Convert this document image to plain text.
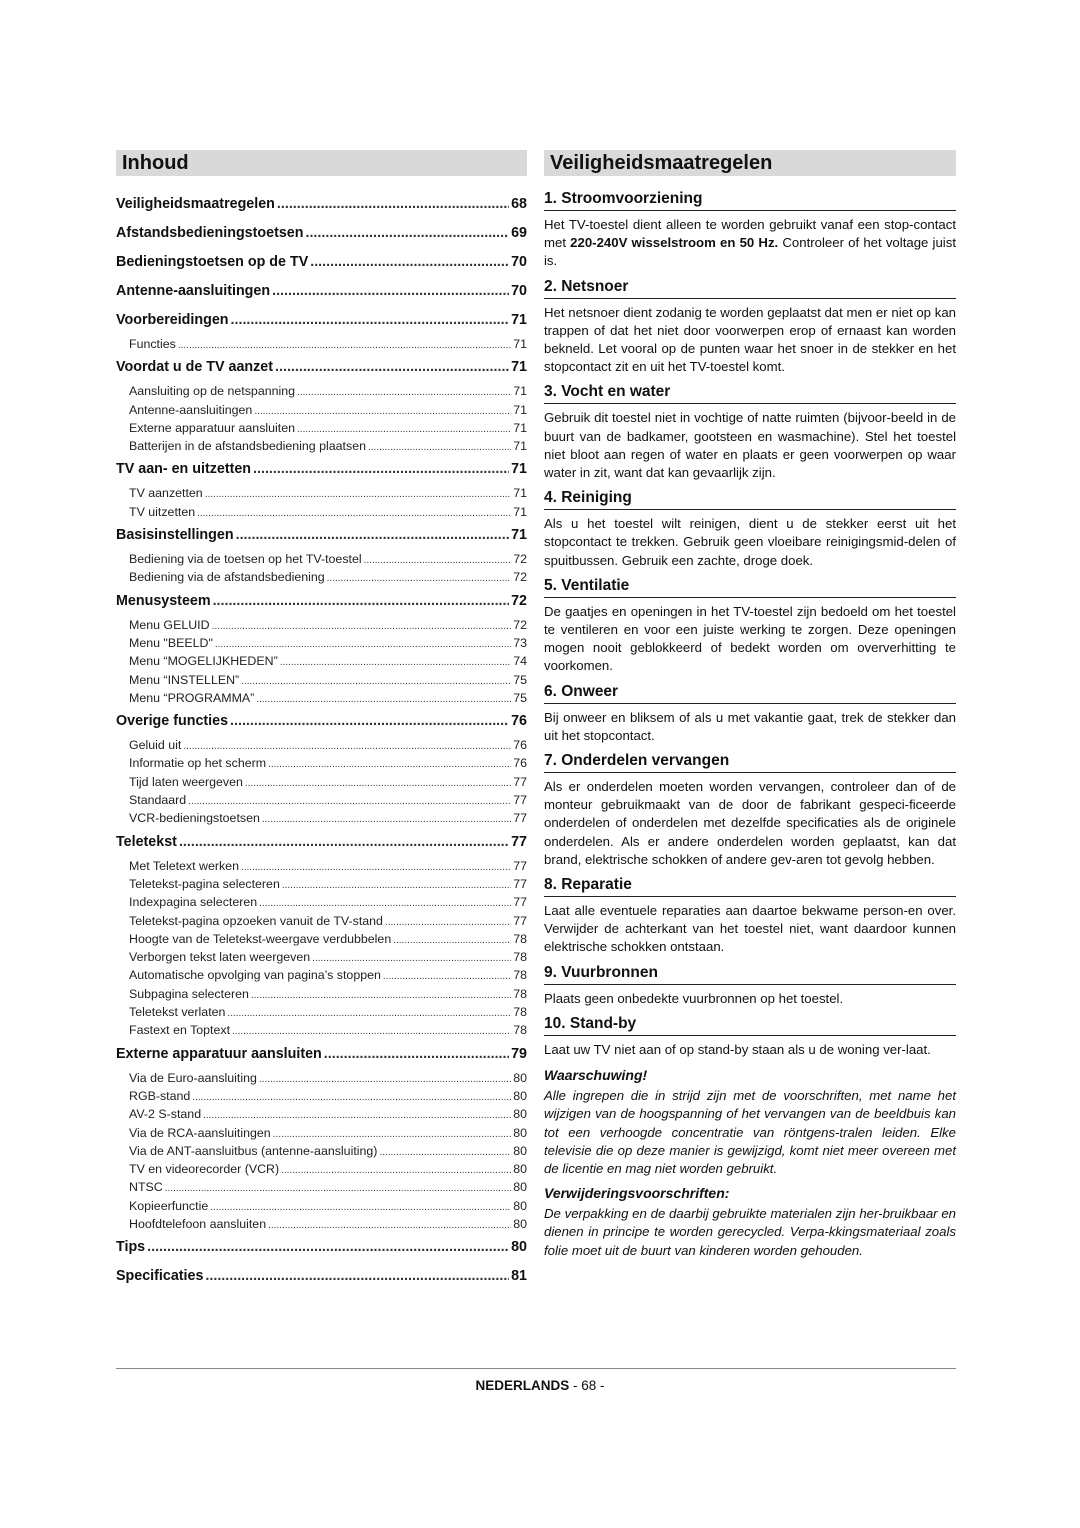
Inhoud
Veiligheidsmaatregelen .....	68
Afstandsbedieningstoetsen .....	69
Bedieningstoetsen op de TV .....	70
Antenne-aansluitingen .....	70
Voorbereidingen .....	71
Functies .....	71
Voordat u de TV aanzet .....	71
Aansluiting op de netspanning .....	71
Antenne-aansluitingen .....	71
Externe apparatuur aansluiten .....	71
Batterijen in de afstandsbediening plaatsen .....	71
TV aan- en uitzetten .....	71
TV aanzetten .....	71
TV uitzetten .....	71
Basisinstellingen .....	71
Bediening via de toetsen op het TV-toestel .....	72
Bediening via de afstandsbediening .....	72
Menusysteem .....	72
Menu GELUID .....	72
Menu "BEELD" .....	73
Menu “MOGELIJKHEDEN” .....	74
Menu “INSTELLEN” .....	75
Menu “PROGRAMMA” .....	75
Overige functies .....	76
Geluid uit .....	76
Informatie op het scherm .....	76
Tijd laten weergeven .....	77
Standaard .....	77
VCR-bedieningstoetsen .....	77
Teletekst .....	77
Met Teletext werken .....	77
Teletekst-pagina selecteren .....	77
Indexpagina selecteren .....	77
Teletekst-pagina opzoeken vanuit de TV-stand .....	77
Hoogte van de Teletekst-weergave verdubbelen .....	78
Verborgen tekst laten weergeven .....	78
Automatische opvolging van pagina’s stoppen .....	78
Subpagina selecteren .....	78
Teletekst verlaten .....	78
Fastext en Toptext .....	78
Externe apparatuur aansluiten .....	79
Via de Euro-aansluiting .....	80
RGB-stand .....	80
AV-2 S-stand .....	80
Via de RCA-aansluitingen .....	80
Via de ANT-aansluitbus (antenne-aansluiting) .....	80
TV en videorecorder (VCR) .....	80
NTSC .....	80
Kopieerfunctie .....	80
Hoofdtelefoon aansluiten .....	80
Tips .....	80
Specificaties .....	81
Veiligheidsmaatregelen
1. Stroomvoorziening

Het TV-toestel dient alleen te worden gebruikt vanaf een stop-contact met 220-240V wisselstroom en 50 Hz. Controleer of het voltage juist is.

2. Netsnoer

Het netsnoer dient zodanig te worden geplaatst dat men er niet op kan trappen of dat het niet door voorwerpen erop of ernaast kan worden bekneld. Let vooral op de punten waar het snoer in de stekker en het stopcontact zit en uit het TV-toestel komt.

3. Vocht en water

Gebruik dit toestel niet in vochtige of natte ruimten (bijvoor-beeld in de buurt van de badkamer, gootsteen en wasmachine). Stel het toestel niet bloot aan regen of water en plaats er geen voorwerpen op waar water in zit, want dat kan gevaarlijk zijn.

4. Reiniging

Als u het toestel wilt reinigen, dient u de stekker eerst uit het stopcontact te trekken. Gebruik geen vloeibare reinigingsmid-delen of spuitbussen. Gebruik een zachte, droge doek.

5. Ventilatie

De gaatjes en openingen in het TV-toestel zijn bedoeld om het toestel te ventileren en voor een juiste werking te zorgen. Deze openingen mogen nooit geblokkeerd of bedekt worden om oververhitting te voorkomen.

6. Onweer

Bij onweer en bliksem of als u met vakantie gaat, trek de stekker dan uit het stopcontact.

7. Onderdelen vervangen

Als er onderdelen moeten worden vervangen, controleer dan of de monteur gebruikmaakt van de door de fabrikant gespeci-ficeerde onderdelen of onderdelen met dezelfde specificaties als de originele onderdelen. Als er andere onderdelen worden geplaatst, kan dat brand, elektrische schokken of andere gev-aren tot gevolg hebben.

8. Reparatie

Laat alle eventuele reparaties aan daartoe bekwame person-en over. Verwijder de achterkant van het toestel niet, want daardoor kunnen elektrische schokken ontstaan.

9. Vuurbronnen

Plaats geen onbedekte vuurbronnen op het toestel.

10. Stand-by

Laat uw TV niet aan of op stand-by staan als u de woning ver-laat.

Waarschuwing!

Alle ingrepen die in strijd zijn met de voorschriften, met name het wijzigen van de hoogspanning of het vervangen van de beeldbuis kan tot een verhoogde concentratie van röntgens-tralen leiden. Elke televisie die op deze manier is gewijzigd, komt niet meer overeen met de licentie en mag niet worden gebruikt.

Verwijderingsvoorschriften:

De verpakking en de daarbij gebruikte materialen zijn her-bruikbaar en dienen in principe te worden gerecycled. Verpa-kkingsmateriaal zoals folie moet uit de buurt van kinderen worden gehouden.

NEDERLANDS - 68 -
